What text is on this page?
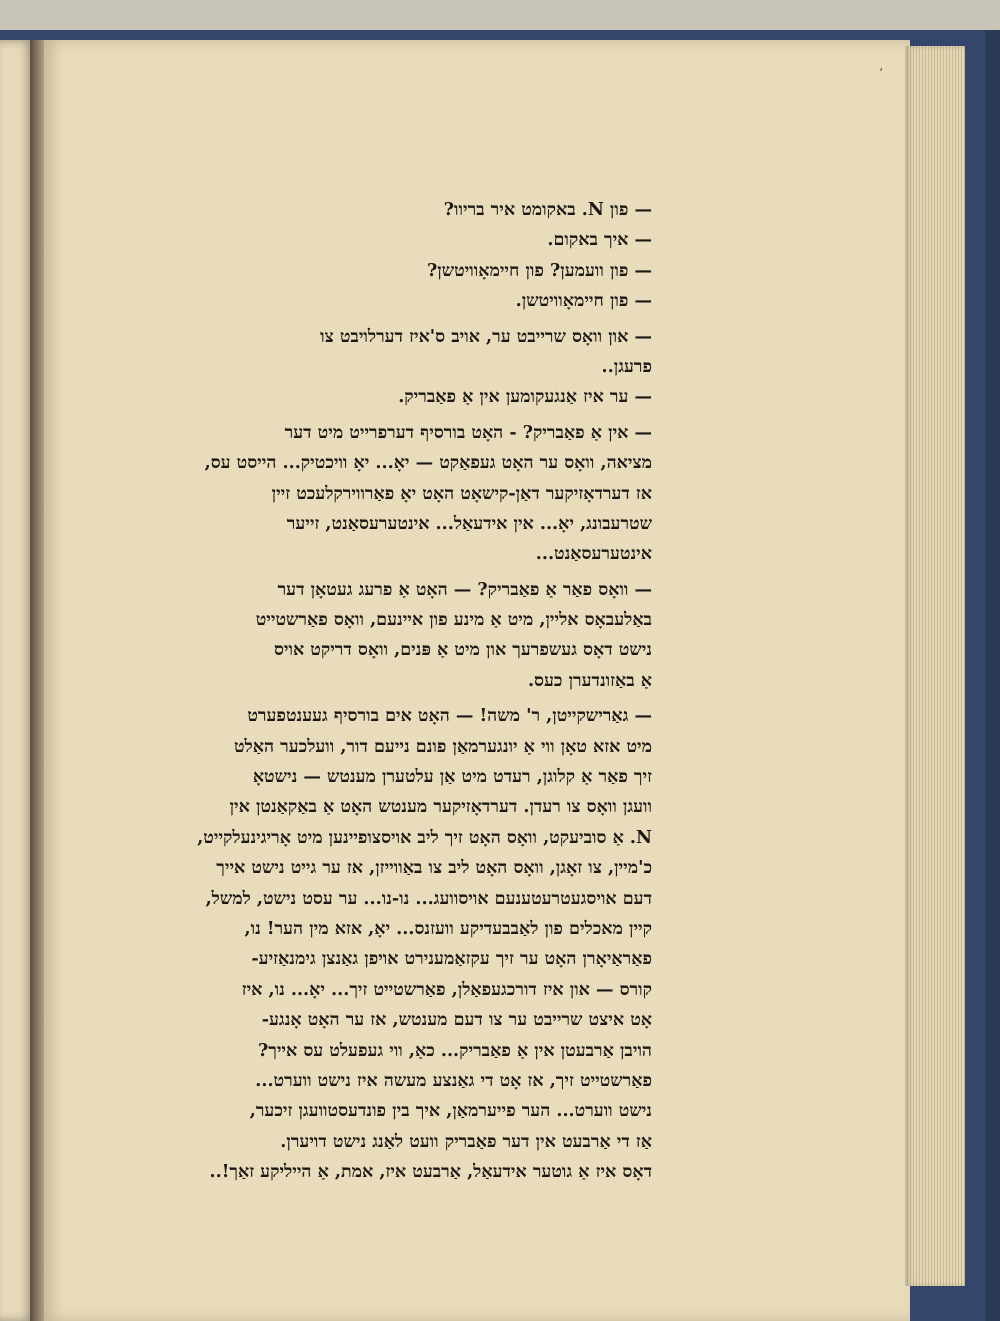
ʻ
— פון N. באקומט איר בריוו?
— איך באקום.
— פון וועמען? פון חיימאָוויטשן?
— פון חיימאָוויטשן.
— און וואָס שרייבט ער, אויב ס'איז דערלויבט צו
פרעגן..
— ער איז אַנגעקומען אין אַ פאַבריק.
— אין אַ פאַבריק? - האָט בורסיף דערפרייט מיט דער
מציאה, וואָס ער האָט געפאַקט — יאָ... יאָ וויכטיק... הייסט עס,
אז דערדאָזיקער דאַן-קישאָט האָט יאָ פאַרווירקלעכט זיין
שטרעבונג, יאָ... אין אידעאַל... אינטערעסאַנט, זייער
אינטערעסאַנט...
— וואָס פאַר אַ פאַבריק? — האָט אַ פרעג געטאָן דער
באַלעבאָס אליין, מיט אַ מינע פון איינעם, וואָס פאַרשטייט
נישט דאָס געשפרעך און מיט אַ פּנים, וואָס דריקט אויס
אַ באַזונדערן כעס.
— גאַרישקייטן, ר' משה! — האָט אים בורסיף געענטפערט
מיט אזא טאָן ווי אַ יונגערמאַן פונם נייעם דור, וועלכער האַלט
זיך פאַר אַ קלוגן, רעדט מיט אַן עלטערן מענטש — נישטאָ
וועגן וואָס צו רעדן. דערדאָזיקער מענטש האָט אַ באַקאַנטן אין
N. אַ סוביעקט, וואָס האָט זיך ליב אויסצופיינען מיט אָריגינעלקייט,
כ'מיין, צו זאָגן, וואָס האָט ליב צו באַווייזן, אז ער גייט נישט אייך
דעם אויסגעטרעטענעם אויסוועג... נו-נו... ער עסט נישט, למשל,
קיין מאכלים פון לאַבבעדיקע וועזנס... יאָ, אזא מין הער! נו,
פאַראַיאָרן האָט ער זיך עקזאַמענירט אויפן גאַנצן גימנאַזיע-
קורס — און איז דורכגעפאַלן, פאַרשטייט זיך... יאָ... נו, איז
אָט איצט שרייבט ער צו דעם מענטש, אז ער האָט אָנגע-
הויבן אַרבעטן אין אַ פאַבריק... כאַ, ווי געפעלט עס אייך?
פאַרשטייט זיך, אז אָט די גאַנצע מעשה איז נישט ווערט...
נישט ווערט... הער פייערמאַן, איך בין פונדעסטוועגן זיכער,
אַז די אַרבעט אין דער פאַבריק וועט לאַנג נישט דויערן.
דאָס איז אַ גוטער אידעאַל, אַרבעט איז, אמת, אַ הייליקע זאַך!..
